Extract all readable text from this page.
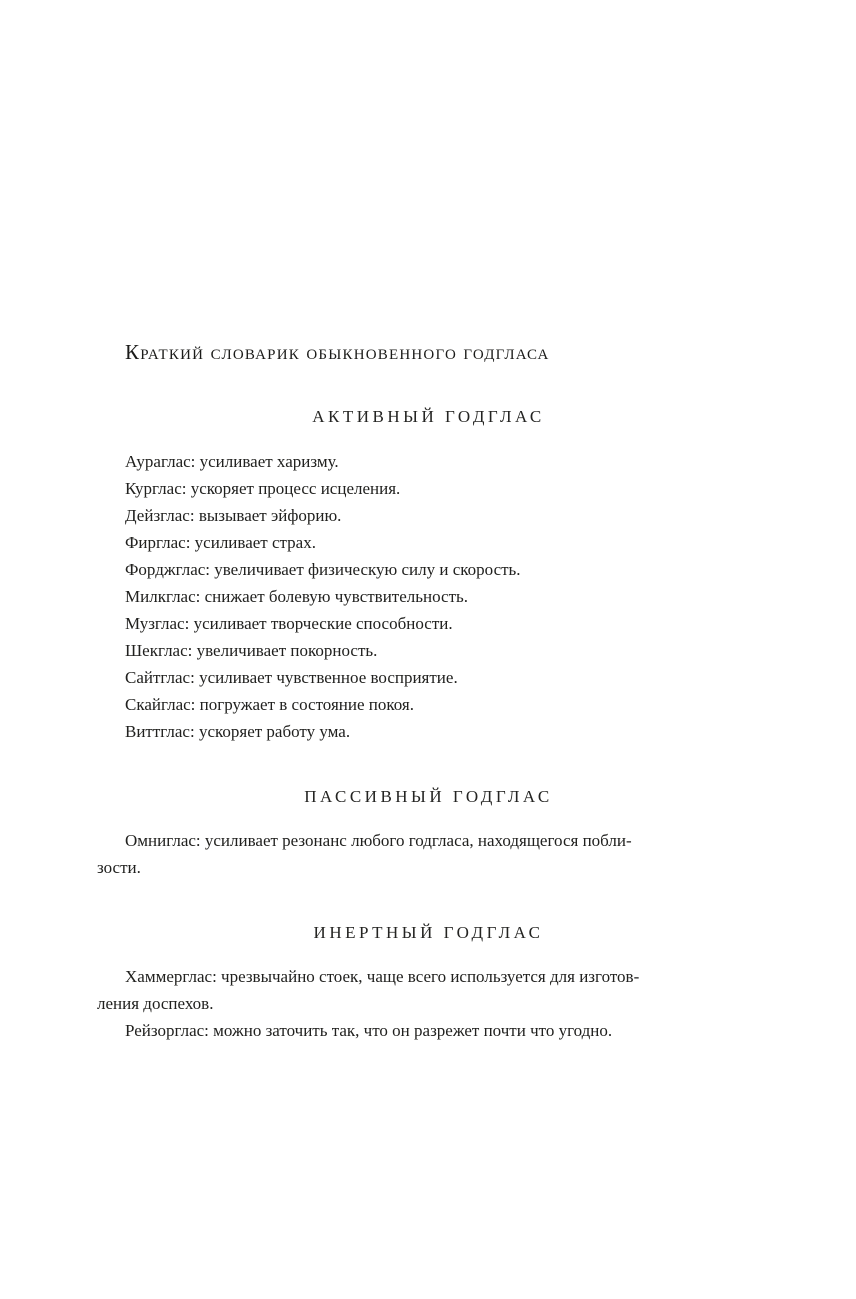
Краткий словарик обыкновенного годгласа
АКТИВНЫЙ ГОДГЛАС

Аураглас: усиливает харизму.

Курглас: ускоряет процесс исцеления.

Дейзглас: вызывает эйфорию.

Фирглас: усиливает страх.

Форджглас: увеличивает физическую силу и скорость.

Милкглас: снижает болевую чувствительность.

Музглас: усиливает творческие способности.

Шекглас: увеличивает покорность.

Сайтглас: усиливает чувственное восприятие.

Скайглас: погружает в состояние покоя.

Виттглас: ускоряет работу ума.

ПАССИВНЫЙ ГОДГЛАС

Омниглас: усиливает резонанс любого годгласа, находящегося побли-
зости.

ИНЕРТНЫЙ ГОДГЛАС

Хаммерглас: чрезвычайно стоек, чаще всего используется для изготов-
ления доспехов.

Рейзорглас: можно заточить так, что он разрежет почти что угодно.
